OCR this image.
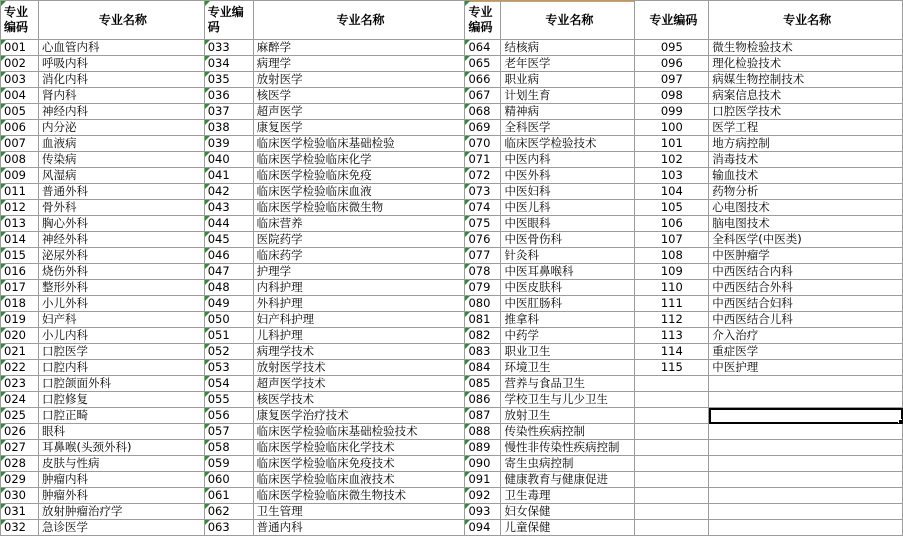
专业编码	专业名称	专业编码	专业名称	专业编码	专业名称	专业编码	专业名称
001	心血管内科	033	麻醉学	064	结核病	095	微生物检验技术
002	呼吸内科	034	病理学	065	老年医学	096	理化检验技术
003	消化内科	035	放射医学	066	职业病	097	病媒生物控制技术
004	肾内科	036	核医学	067	计划生育	098	病案信息技术
005	神经内科	037	超声医学	068	精神病	099	口腔医学技术
006	内分泌	038	康复医学	069	全科医学	100	医学工程
007	血液病	039	临床医学检验临床基础检验	070	临床医学检验技术	101	地方病控制
008	传染病	040	临床医学检验临床化学	071	中医内科	102	消毒技术
009	风湿病	041	临床医学检验临床免疫	072	中医外科	103	输血技术
011	普通外科	042	临床医学检验临床血液	073	中医妇科	104	药物分析
012	骨外科	043	临床医学检验临床微生物	074	中医儿科	105	心电图技术
013	胸心外科	044	临床营养	075	中医眼科	106	脑电图技术
014	神经外科	045	医院药学	076	中医骨伤科	107	全科医学(中医类)
015	泌尿外科	046	临床药学	077	针灸科	108	中医肿瘤学
016	烧伤外科	047	护理学	078	中医耳鼻喉科	109	中西医结合内科
017	整形外科	048	内科护理	079	中医皮肤科	110	中西医结合外科
018	小儿外科	049	外科护理	080	中医肛肠科	111	中西医结合妇科
019	妇产科	050	妇产科护理	081	推拿科	112	中西医结合儿科
020	小儿内科	051	儿科护理	082	中药学	113	介入治疗
021	口腔医学	052	病理学技术	083	职业卫生	114	重症医学
022	口腔内科	053	放射医学技术	084	环境卫生	115	中医护理
023	口腔颌面外科	054	超声医学技术	085	营养与食品卫生		
024	口腔修复	055	核医学技术	086	学校卫生与儿少卫生		
025	口腔正畸	056	康复医学治疗技术	087	放射卫生		

026	眼科	057	临床医学检验临床基础检验技术	088	传染性疾病控制		
027	耳鼻喉(头颈外科)	058	临床医学检验临床化学技术	089	慢性非传染性疾病控制		
028	皮肤与性病	059	临床医学检验临床免疫技术	090	寄生虫病控制		
029	肿瘤内科	060	临床医学检验临床血液技术	091	健康教育与健康促进		
030	肿瘤外科	061	临床医学检验临床微生物技术	092	卫生毒理		
031	放射肿瘤治疗学	062	卫生管理	093	妇女保健		
032	急诊医学	063	普通内科	094	儿童保健		
